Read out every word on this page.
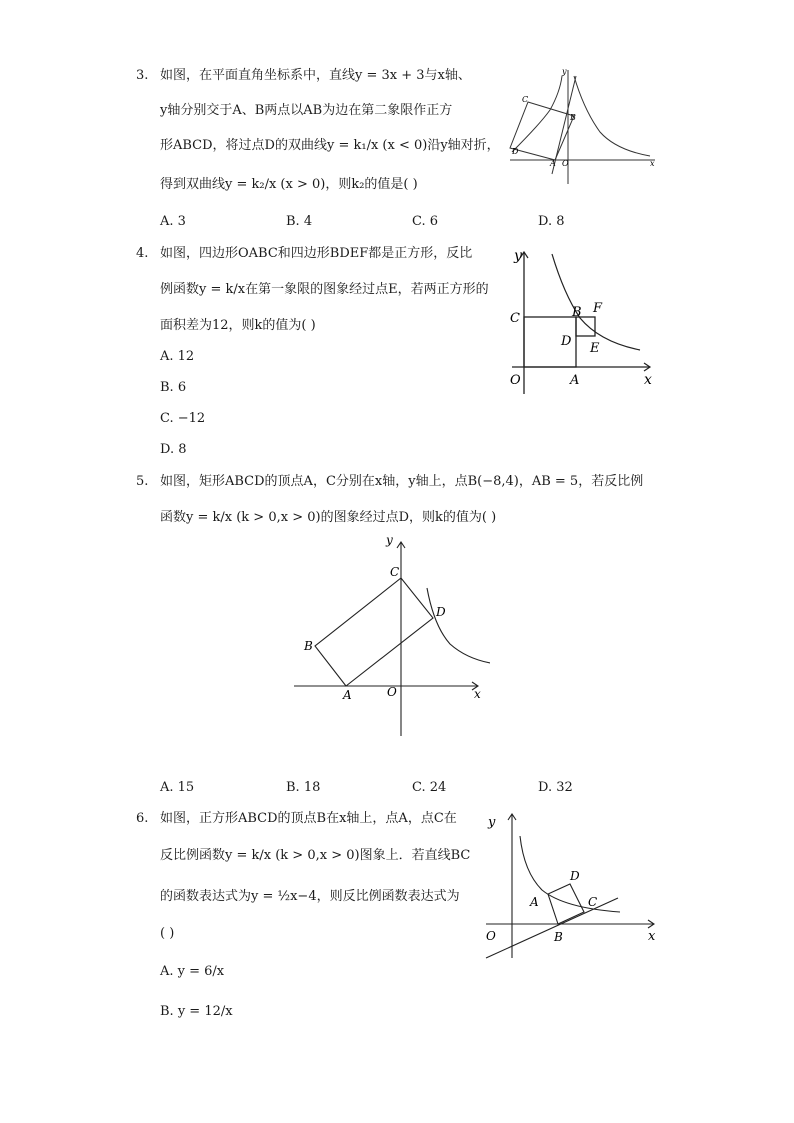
3. 如图，在平面直角坐标系中，直线y = 3x + 3与x轴、
y轴分别交于A、B两点以AB为边在第二象限作正方
形ABCD，将过点D的双曲线y = k₁/x (x < 0)沿y轴对折，
得到双曲线y = k₂/x (x > 0)，则k₂的值是( )
A. 3	B. 4	C. 6	D. 8
y
x
C
B
D
A O
4. 如图，四边形OABC和四边形BDEF都是正方形，反比
例函数y = k/x在第一象限的图象经过点E，若两正方形的
面积差为12，则k的值为( )
A. 12
B. 6
C. −12
D. 8
y
x
C	B F
D E
O	A
5. 如图，矩形ABCD的顶点A，C分别在x轴，y轴上，点B(−8,4)，AB = 5，若反比例
函数y = k/x (k > 0,x > 0)的图象经过点D，则k的值为( )
y
x
C
B
D
A	O
A. 15	B. 18	C. 24	D. 32
6. 如图，正方形ABCD的顶点B在x轴上，点A，点C在
反比例函数y = k/x (k > 0,x > 0)图象上．若直线BC
的函数表达式为y = ½x−4，则反比例函数表达式为
( )
A. y = 6/x
B. y = 12/x
y
x
D
A	C
O	B
